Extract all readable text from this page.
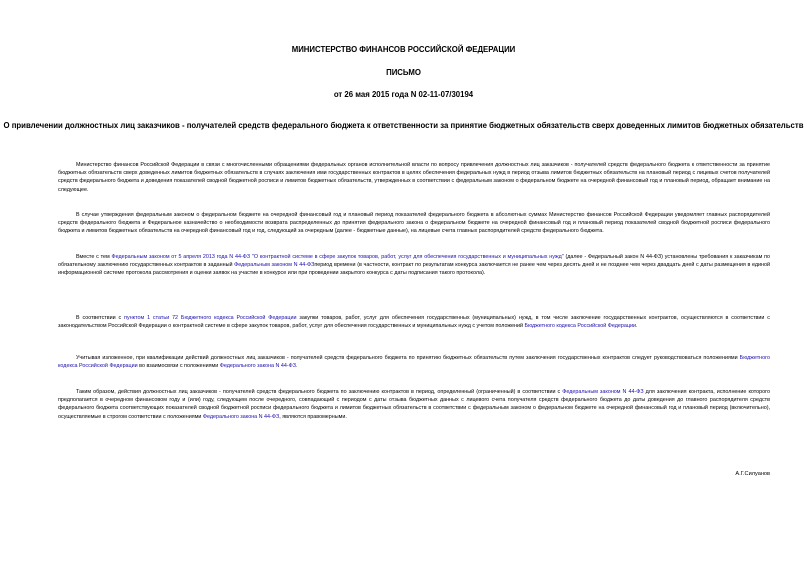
МИНИСТЕРСТВО ФИНАНСОВ РОССИЙСКОЙ ФЕДЕРАЦИИ
ПИСЬМО
от 26 мая 2015 года N 02-11-07/30194
О привлечении должностных лиц заказчиков - получателей средств федерального бюджета к ответственности за принятие бюджетных обязательств сверх доведенных лимитов бюджетных обязательств

Министерство финансов Российской Федерации в связи с многочисленными обращениями федеральных органов исполнительной власти по вопросу привлечения должностных лиц заказчиков - получателей средств федерального бюджета к ответственности за принятие бюджетных обязательств сверх доведенных лимитов бюджетных обязательств в случаях заключения ими государственных контрактов в целях обеспечения федеральных нужд в период отзыва лимитов бюджетных обязательств на плановый период с лицевых счетов получателей средств федерального бюджета и доведения показателей сводной бюджетной росписи и лимитов бюджетных обязательств, утвержденных в соответствии с федеральным законом о федеральном бюджете на очередной финансовый год и плановый период, обращает внимание на следующее.

В случае утверждения федеральным законом о федеральном бюджете на очередной финансовый год и плановый период показателей федерального бюджета в абсолютных суммах Министерство финансов Российской Федерации уведомляет главных распорядителей средств федерального бюджета и Федеральное казначейство о необходимости возврата распределенных до принятия федерального закона о федеральном бюджете на очередной финансовый год и плановый период показателей сводной бюджетной росписи федерального бюджета и лимитов бюджетных обязательств на очередной финансовый год и год, следующий за очередным (далее - бюджетные данные), на лицевые счета главных распорядителей средств федерального бюджета.

Вместе с тем Федеральным законом от 5 апреля 2013 года N 44-ФЗ "О контрактной системе в сфере закупок товаров, работ, услуг для обеспечения государственных и муниципальных нужд" (далее - Федеральный закон N 44-ФЗ) установлены требования к заказчикам по обязательному заключению государственных контрактов в заданный Федеральным законом N 44-ФЗпериод времени (в частности, контракт по результатам конкурса заключается не ранее чем через десять дней и не позднее чем через двадцать дней с даты размещения в единой информационной системе протокола рассмотрения и оценки заявок на участие в конкурсе или при проведении закрытого конкурса с даты подписания такого протокола).

В соответствии с пунктом 1 статьи 72 Бюджетного кодекса Российской Федерации закупки товаров, работ, услуг для обеспечения государственных (муниципальных) нужд, в том числе заключение государственных контрактов, осуществляются в соответствии с законодательством Российской Федерации о контрактной системе в сфере закупок товаров, работ, услуг для обеспечения государственных и муниципальных нужд с учетом положений Бюджетного кодекса Российской Федерации.

Учитывая изложенное, при квалификации действий должностных лиц заказчиков - получателей средств федерального бюджета по принятию бюджетных обязательств путем заключения государственных контрактов следует руководствоваться положениями Бюджетного кодекса Российской Федерации во взаимосвязи с положениями Федерального закона N 44-ФЗ.

Таким образом, действия должностных лиц заказчиков - получателей средств федерального бюджета по заключению контрактов в период, определенный (ограниченный) в соответствии с Федеральным законом N 44-ФЗ для заключения контракта, исполнение которого предполагается в очередном финансовом году и (или) году, следующем после очередного, совпадающий с периодом с даты отзыва бюджетных данных с лицевого счета получателя средств федерального бюджета до даты доведения до главного распорядителя средств федерального бюджета соответствующих показателей сводной бюджетной росписи федерального бюджета и лимитов бюджетных обязательств в соответствии с федеральным законом о федеральном бюджете на очередной финансовый год и плановый период (включительно), осуществляемые в строгом соответствии с положениями Федерального закона N 44-ФЗ, являются правомерными.

А.Г.Силуанов
